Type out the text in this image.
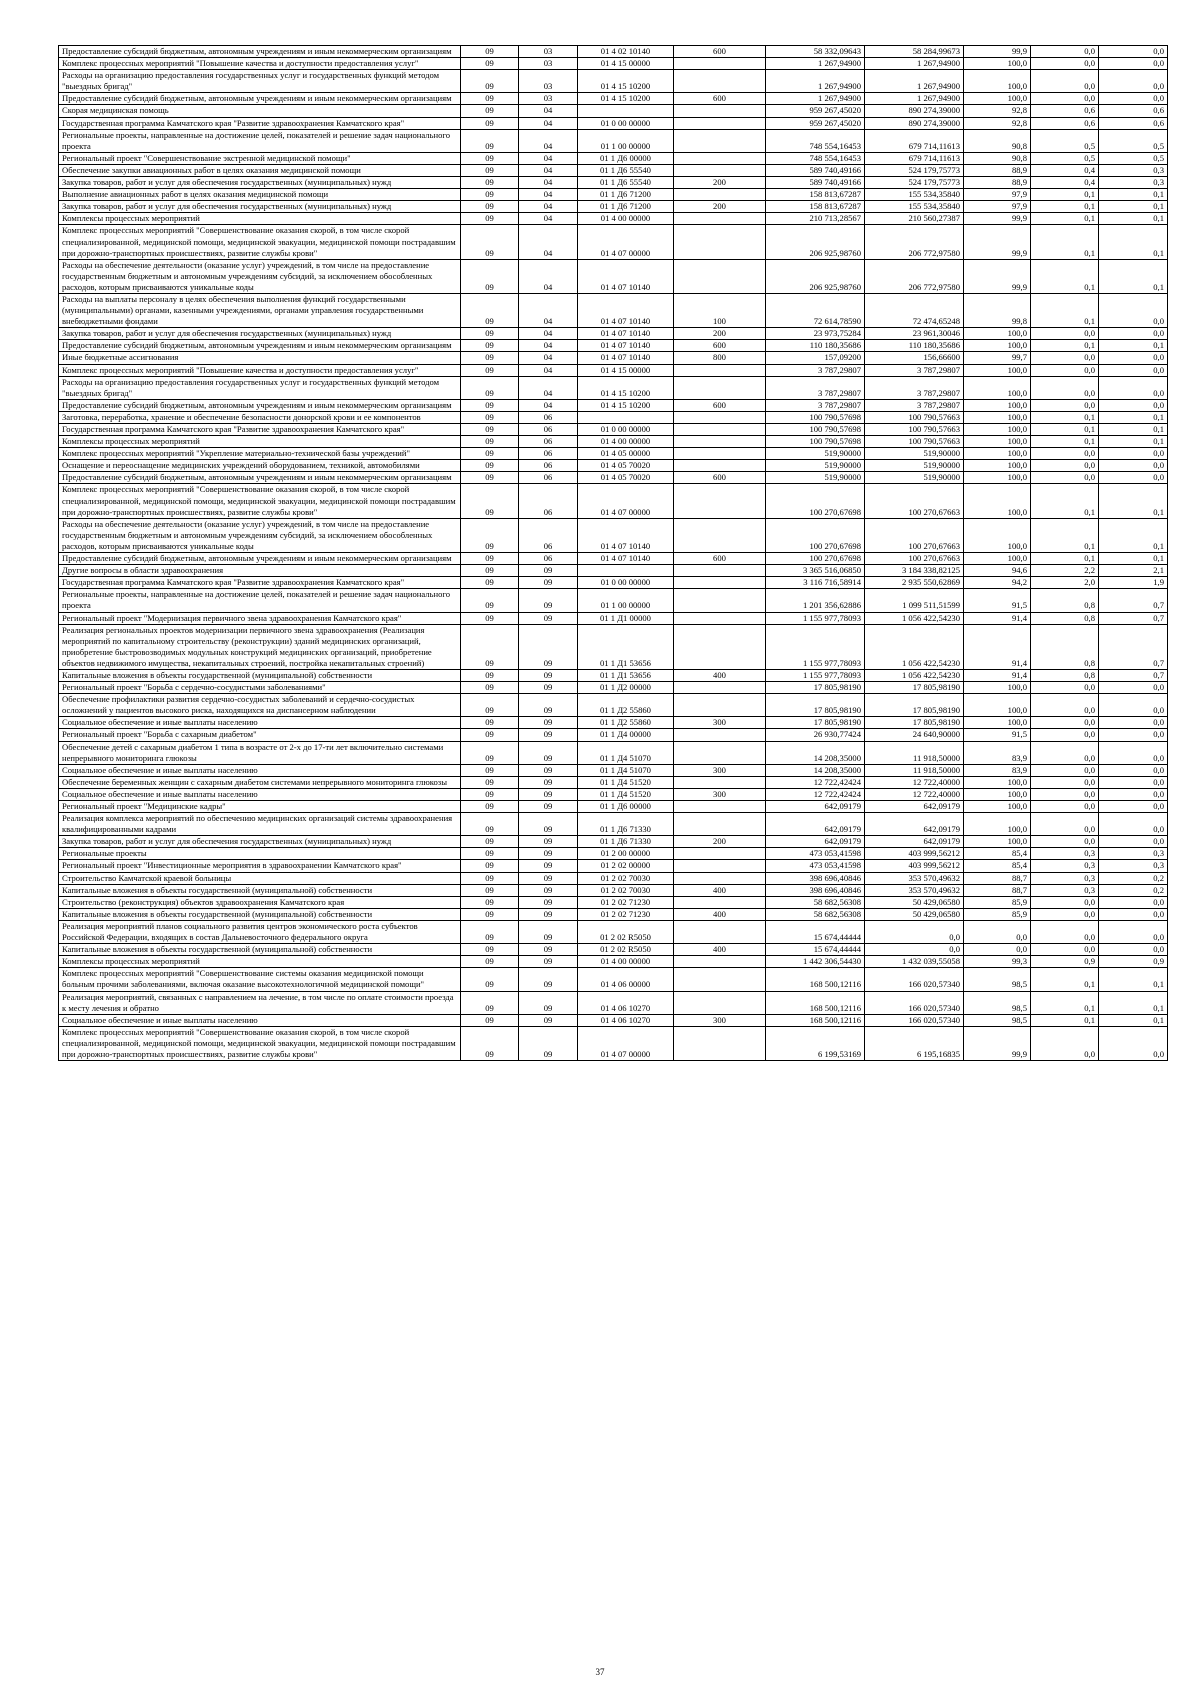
Предоставление субсидий бюджетным, автономным учреждениям и иным некоммерческим организациям	09	03	01 4 02 10140	600	58 332,09643	58 284,99673	99,9	0,0	0,0
Комплекс процессных мероприятий "Повышение качества и доступности предоставления услуг"	09	03	01 4 15 00000		1 267,94900	1 267,94900	100,0	0,0	0,0
Расходы на организацию предоставления государственных услуг и государственных функций методом "выездных бригад"	09	03	01 4 15 10200		1 267,94900	1 267,94900	100,0	0,0	0,0
Предоставление субсидий бюджетным, автономным учреждениям и иным некоммерческим организациям	09	03	01 4 15 10200	600	1 267,94900	1 267,94900	100,0	0,0	0,0
Скорая медицинская помощь	09	04			959 267,45020	890 274,39000	92,8	0,6	0,6
Государственная программа Камчатского края "Развитие здравоохранения Камчатского края"	09	04	01 0 00 00000		959 267,45020	890 274,39000	92,8	0,6	0,6
Региональные проекты, направленные на достижение целей, показателей и решение задач национального проекта	09	04	01 1 00 00000		748 554,16453	679 714,11613	90,8	0,5	0,5
Региональный проект "Совершенствование экстренной медицинской помощи"	09	04	01 1 Д6 00000		748 554,16453	679 714,11613	90,8	0,5	0,5
Обеспечение закупки авиационных работ в целях оказания медицинской помощи	09	04	01 1 Д6 55540		589 740,49166	524 179,75773	88,9	0,4	0,3
Закупка товаров, работ и услуг для обеспечения государственных (муниципальных) нужд	09	04	01 1 Д6 55540	200	589 740,49166	524 179,75773	88,9	0,4	0,3
Выполнение авиационных работ в целях оказания медицинской помощи	09	04	01 1 Д6 71200		158 813,67287	155 534,35840	97,9	0,1	0,1
Закупка товаров, работ и услуг для обеспечения государственных (муниципальных) нужд	09	04	01 1 Д6 71200	200	158 813,67287	155 534,35840	97,9	0,1	0,1
Комплексы процессных мероприятий	09	04	01 4 00 00000		210 713,28567	210 560,27387	99,9	0,1	0,1
Комплекс процессных мероприятий "Совершенствование оказания скорой, в том числе скорой специализированной, медицинской помощи, медицинской эвакуации, медицинской помощи пострадавшим при дорожно-транспортных происшествиях, развитие службы крови"	09	04	01 4 07 00000		206 925,98760	206 772,97580	99,9	0,1	0,1
Расходы на обеспечение деятельности (оказание услуг) учреждений, в том числе на предоставление государственным бюджетным и автономным учреждениям субсидий, за исключением обособленных расходов, которым присваиваются уникальные коды	09	04	01 4 07 10140		206 925,98760	206 772,97580	99,9	0,1	0,1
Расходы на выплаты персоналу в целях обеспечения выполнения функций государственными (муниципальными) органами, казенными учреждениями, органами управления государственными внебюджетными фондами	09	04	01 4 07 10140	100	72 614,78590	72 474,65248	99,8	0,1	0,0
Закупка товаров, работ и услуг для обеспечения государственных (муниципальных) нужд	09	04	01 4 07 10140	200	23 973,75284	23 961,30046	100,0	0,0	0,0
Предоставление субсидий бюджетным, автономным учреждениям и иным некоммерческим организациям	09	04	01 4 07 10140	600	110 180,35686	110 180,35686	100,0	0,1	0,1
Иные бюджетные ассигнования	09	04	01 4 07 10140	800	157,09200	156,66600	99,7	0,0	0,0
Комплекс процессных мероприятий "Повышение качества и доступности предоставления услуг"	09	04	01 4 15 00000		3 787,29807	3 787,29807	100,0	0,0	0,0
Расходы на организацию предоставления государственных услуг и государственных функций методом "выездных бригад"	09	04	01 4 15 10200		3 787,29807	3 787,29807	100,0	0,0	0,0
Предоставление субсидий бюджетным, автономным учреждениям и иным некоммерческим организациям	09	04	01 4 15 10200	600	3 787,29807	3 787,29807	100,0	0,0	0,0
Заготовка, переработка, хранение и обеспечение безопасности донорской крови и ее компонентов	09	06			100 790,57698	100 790,57663	100,0	0,1	0,1
Государственная программа Камчатского края "Развитие здравоохранения Камчатского края"	09	06	01 0 00 00000		100 790,57698	100 790,57663	100,0	0,1	0,1
Комплексы процессных мероприятий	09	06	01 4 00 00000		100 790,57698	100 790,57663	100,0	0,1	0,1
Комплекс процессных мероприятий "Укрепление материально-технической базы учреждений"	09	06	01 4 05 00000		519,90000	519,90000	100,0	0,0	0,0
Оснащение и переоснащение медицинских учреждений оборудованием, техникой, автомобилями	09	06	01 4 05 70020		519,90000	519,90000	100,0	0,0	0,0
Предоставление субсидий бюджетным, автономным учреждениям и иным некоммерческим организациям	09	06	01 4 05 70020	600	519,90000	519,90000	100,0	0,0	0,0
Комплекс процессных мероприятий "Совершенствование оказания скорой, в том числе скорой специализированной, медицинской помощи, медицинской эвакуации, медицинской помощи пострадавшим при дорожно-транспортных происшествиях, развитие службы крови"	09	06	01 4 07 00000		100 270,67698	100 270,67663	100,0	0,1	0,1
Расходы на обеспечение деятельности (оказание услуг) учреждений, в том числе на предоставление государственным бюджетным и автономным учреждениям субсидий, за исключением обособленных расходов, которым присваиваются уникальные коды	09	06	01 4 07 10140		100 270,67698	100 270,67663	100,0	0,1	0,1
Предоставление субсидий бюджетным, автономным учреждениям и иным некоммерческим организациям	09	06	01 4 07 10140	600	100 270,67698	100 270,67663	100,0	0,1	0,1
Другие вопросы в области здравоохранения	09	09			3 365 516,06850	3 184 338,82125	94,6	2,2	2,1
Государственная программа Камчатского края "Развитие здравоохранения Камчатского края"	09	09	01 0 00 00000		3 116 716,58914	2 935 550,62869	94,2	2,0	1,9
Региональные проекты, направленные на достижение целей, показателей и решение задач национального проекта	09	09	01 1 00 00000		1 201 356,62886	1 099 511,51599	91,5	0,8	0,7
Региональный проект "Модернизация первичного звена здравоохранения Камчатского края"	09	09	01 1 Д1 00000		1 155 977,78093	1 056 422,54230	91,4	0,8	0,7
Реализация региональных проектов модернизации первичного звена здравоохранения (Реализация мероприятий по капитальному строительству (реконструкции) зданий медицинских организаций, приобретение быстровозводимых модульных конструкций медицинских организаций, приобретение объектов недвижимого имущества, некапитальных строений, постройка некапитальных строений)	09	09	01 1 Д1 53656		1 155 977,78093	1 056 422,54230	91,4	0,8	0,7
Капитальные вложения в объекты государственной (муниципальной) собственности	09	09	01 1 Д1 53656	400	1 155 977,78093	1 056 422,54230	91,4	0,8	0,7
Региональный проект "Борьба с сердечно-сосудистыми заболеваниями"	09	09	01 1 Д2 00000		17 805,98190	17 805,98190	100,0	0,0	0,0
Обеспечение профилактики развития сердечно-сосудистых заболеваний и сердечно-сосудистых осложнений у пациентов высокого риска, находящихся на диспансерном наблюдении	09	09	01 1 Д2 55860		17 805,98190	17 805,98190	100,0	0,0	0,0
Социальное обеспечение и иные выплаты населению	09	09	01 1 Д2 55860	300	17 805,98190	17 805,98190	100,0	0,0	0,0
Региональный проект "Борьба с сахарным диабетом"	09	09	01 1 Д4 00000		26 930,77424	24 640,90000	91,5	0,0	0,0
Обеспечение детей с сахарным диабетом 1 типа в возрасте от 2-х до 17-ти лет включительно системами непрерывного мониторинга глюкозы	09	09	01 1 Д4 51070		14 208,35000	11 918,50000	83,9	0,0	0,0
Социальное обеспечение и иные выплаты населению	09	09	01 1 Д4 51070	300	14 208,35000	11 918,50000	83,9	0,0	0,0
Обеспечение беременных женщин с сахарным диабетом системами непрерывного мониторинга глюкозы	09	09	01 1 Д4 51520		12 722,42424	12 722,40000	100,0	0,0	0,0
Социальное обеспечение и иные выплаты населению	09	09	01 1 Д4 51520	300	12 722,42424	12 722,40000	100,0	0,0	0,0
Региональный проект "Медицинские кадры"	09	09	01 1 Д6 00000		642,09179	642,09179	100,0	0,0	0,0
Реализация комплекса мероприятий по обеспечению медицинских организаций системы здравоохранения квалифицированными кадрами	09	09	01 1 Д6 71330		642,09179	642,09179	100,0	0,0	0,0
Закупка товаров, работ и услуг для обеспечения государственных (муниципальных) нужд	09	09	01 1 Д6 71330	200	642,09179	642,09179	100,0	0,0	0,0
Региональные проекты	09	09	01 2 00 00000		473 053,41598	403 999,56212	85,4	0,3	0,3
Региональный проект "Инвестиционные мероприятия в здравоохранении Камчатского края"	09	09	01 2 02 00000		473 053,41598	403 999,56212	85,4	0,3	0,3
Строительство Камчатской краевой больницы	09	09	01 2 02 70030		398 696,40846	353 570,49632	88,7	0,3	0,2
Капитальные вложения в объекты государственной (муниципальной) собственности	09	09	01 2 02 70030	400	398 696,40846	353 570,49632	88,7	0,3	0,2
Строительство (реконструкция) объектов здравоохранения Камчатского края	09	09	01 2 02 71230		58 682,56308	50 429,06580	85,9	0,0	0,0
Капитальные вложения в объекты государственной (муниципальной) собственности	09	09	01 2 02 71230	400	58 682,56308	50 429,06580	85,9	0,0	0,0
Реализация мероприятий планов социального развития центров экономического роста субъектов Российской Федерации, входящих в состав Дальневосточного федерального округа	09	09	01 2 02 R5050		15 674,44444	0,0	0,0	0,0	0,0
Капитальные вложения в объекты государственной (муниципальной) собственности	09	09	01 2 02 R5050	400	15 674,44444	0,0	0,0	0,0	0,0
Комплексы процессных мероприятий	09	09	01 4 00 00000		1 442 306,54430	1 432 039,55058	99,3	0,9	0,9
Комплекс процессных мероприятий "Совершенствование системы оказания медицинской помощи больным прочими заболеваниями, включая оказание высокотехнологичной медицинской помощи"	09	09	01 4 06 00000		168 500,12116	166 020,57340	98,5	0,1	0,1
Реализация мероприятий, связанных с направлением на лечение, в том числе по оплате стоимости проезда к месту лечения и обратно	09	09	01 4 06 10270		168 500,12116	166 020,57340	98,5	0,1	0,1
Социальное обеспечение и иные выплаты населению	09	09	01 4 06 10270	300	168 500,12116	166 020,57340	98,5	0,1	0,1
Комплекс процессных мероприятий "Совершенствование оказания скорой, в том числе скорой специализированной, медицинской помощи, медицинской эвакуации, медицинской помощи пострадавшим при дорожно-транспортных происшествиях, развитие службы крови"	09	09	01 4 07 00000		6 199,53169	6 195,16835	99,9	0,0	0,0
37
